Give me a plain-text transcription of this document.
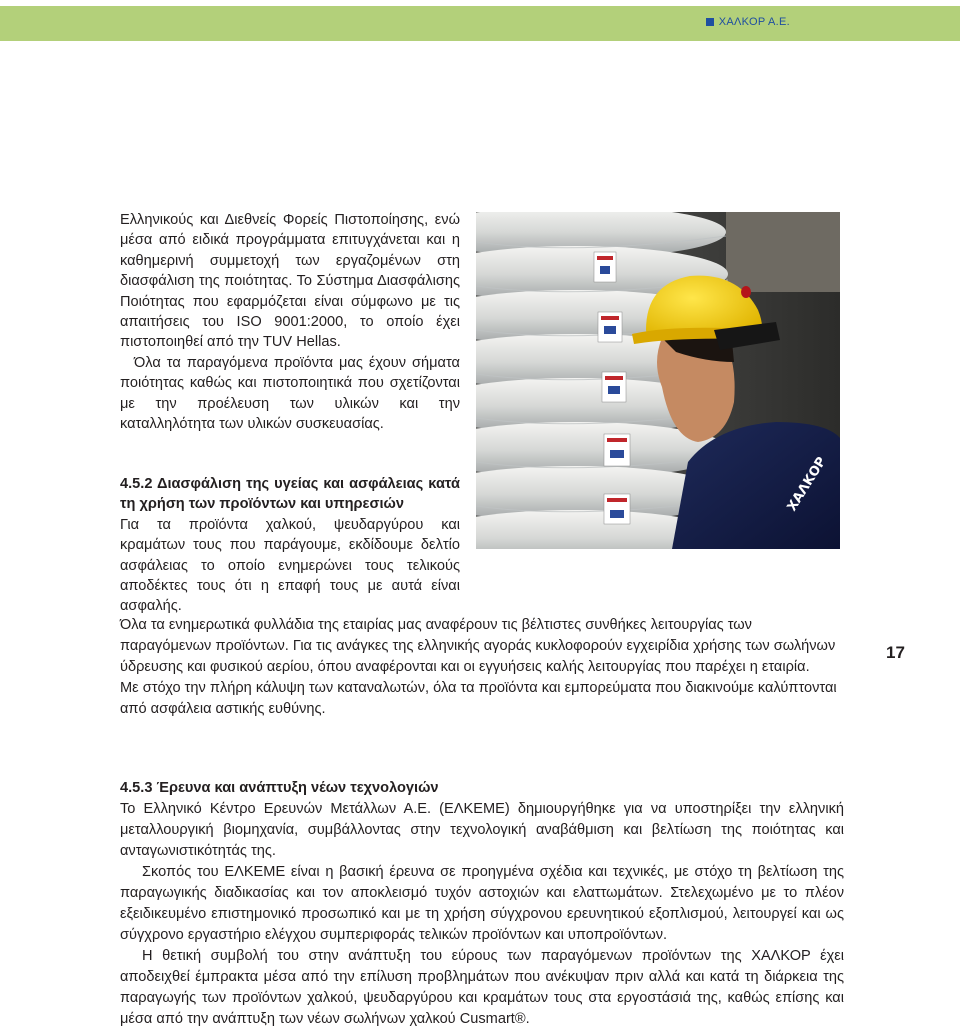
ΧΑΛΚΟΡ Α.Ε.

Ελληνικούς και Διεθνείς Φορείς Πιστοποίησης, ενώ μέσα από ειδικά προγράμματα επιτυγχάνεται και η καθημερινή συμμετοχή των εργαζομένων στη διασφάλιση της ποιότητας. Το Σύστημα Διασφάλισης Ποιότητας που εφαρμόζεται είναι σύμφωνο με τις απαιτήσεις του ISO 9001:2000, το οποίο έχει πιστοποιηθεί από την TUV Hellas.

Όλα τα παραγόμενα προϊόντα μας έχουν σήματα ποιότητας καθώς και πιστοποιητικά που σχετίζονται με την προέλευση των υλικών και την καταλληλότητα των υλικών συσκευασίας.

ΧΑΛΚΟΡ

4.5.2 Διασφάλιση της υγείας και ασφάλειας κατά τη χρήση των προϊόντων και υπηρεσιών

Για τα προϊόντα χαλκού, ψευδαργύρου και κραμάτων τους που παράγουμε, εκδίδουμε δελτίο ασφάλειας το οποίο ενημερώνει τους τελικούς αποδέκτες τους ότι η επαφή τους με αυτά είναι ασφαλής.

Όλα τα ενημερωτικά φυλλάδια της εταιρίας μας αναφέρουν τις βέλτιστες συνθήκες λειτουργίας των παραγόμενων προϊόντων. Για τις ανάγκες της ελληνικής αγοράς κυκλοφορούν εγχειρίδια χρήσης των σωλήνων ύδρευσης και φυσικού αερίου, όπου αναφέρονται και οι εγγυήσεις καλής λειτουργίας που παρέχει η εταιρία.

Με στόχο την πλήρη κάλυψη των καταναλωτών, όλα τα προϊόντα και εμπορεύματα που διακινούμε καλύπτονται από ασφάλεια αστικής ευθύνης.

17

4.5.3 Έρευνα και ανάπτυξη νέων τεχνολογιών

Το Ελληνικό Κέντρο Ερευνών Μετάλλων Α.Ε. (ΕΛΚΕΜΕ) δημιουργήθηκε για να υποστηρίξει την ελληνική μεταλλουργική βιομηχανία, συμβάλλοντας στην τεχνολογική αναβάθμιση και βελτίωση της ποιότητας και ανταγωνιστικότητάς της.

Σκοπός του ΕΛΚΕΜΕ είναι η βασική έρευνα σε προηγμένα σχέδια και τεχνικές, με στόχο τη βελτίωση της παραγωγικής διαδικασίας και τον αποκλεισμό τυχόν αστοχιών και ελαττωμάτων. Στελεχωμένο με το πλέον εξειδικευμένο επιστημονικό προσωπικό και με τη χρήση σύγχρονου ερευνητικού εξοπλισμού, λειτουργεί και ως σύγχρονο εργαστήριο ελέγχου συμπεριφοράς τελικών προϊόντων και υποπροϊόντων.

Η θετική συμβολή του στην ανάπτυξη του εύρους των παραγόμενων προϊόντων της ΧΑΛΚΟΡ έχει αποδειχθεί έμπρακτα μέσα από την επίλυση προβλημάτων που ανέκυψαν πριν αλλά και κατά τη διάρκεια της παραγωγής των προϊόντων χαλκού, ψευδαργύρου και κραμάτων τους στα εργοστάσιά της, καθώς επίσης και μέσα από την ανάπτυξη των νέων σωλήνων χαλκού Cusmart®.
